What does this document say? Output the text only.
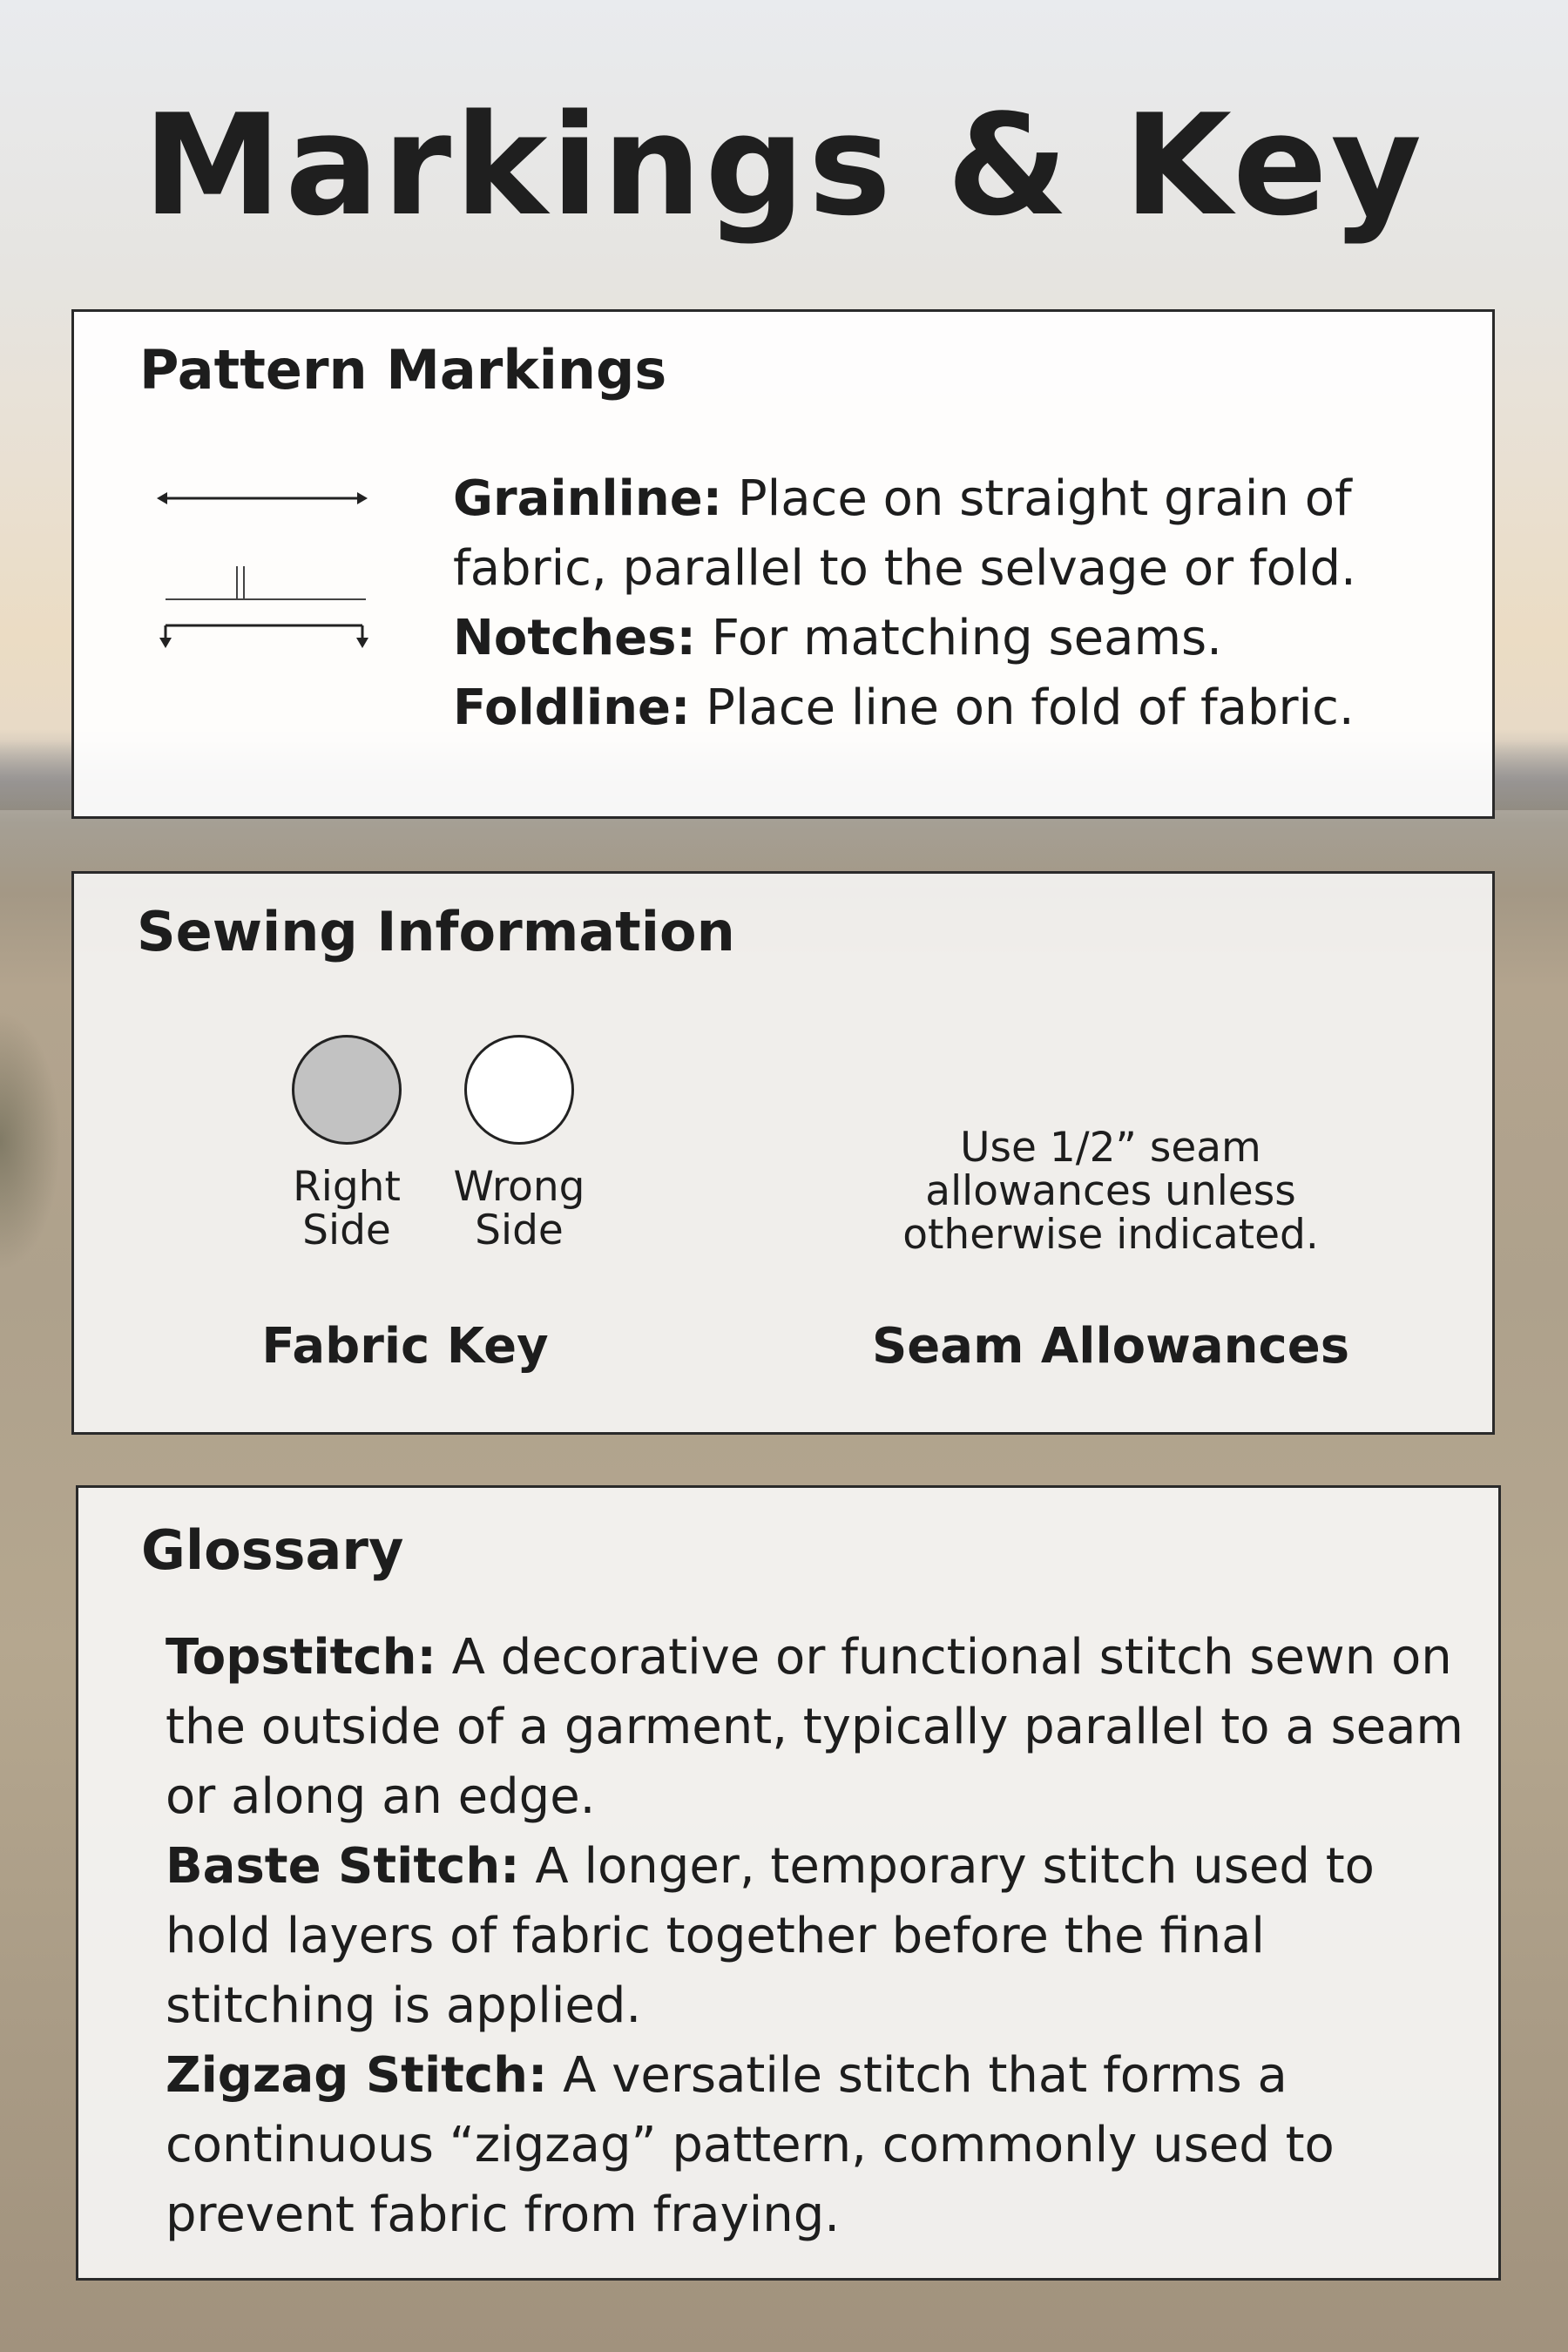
Markings & Key
Pattern Markings

Grainline: Place on straight grain of fabric, parallel to the selvage or fold.

Notches: For matching seams.

Foldline: Place line on fold of fabric.

Sewing Information
Right
Side
Wrong
Side
Fabric Key
Use 1/2” seam
allowances unless
otherwise indicated.
Seam Allowances
Glossary

Topstitch: A decorative or functional stitch sewn on the outside of a garment, typically parallel to a seam or along an edge.

Baste Stitch: A longer, temporary stitch used to hold layers of fabric together before the final stitching is applied.

Zigzag Stitch: A versatile stitch that forms a continuous “zigzag” pattern, commonly used to prevent fabric from fraying.
